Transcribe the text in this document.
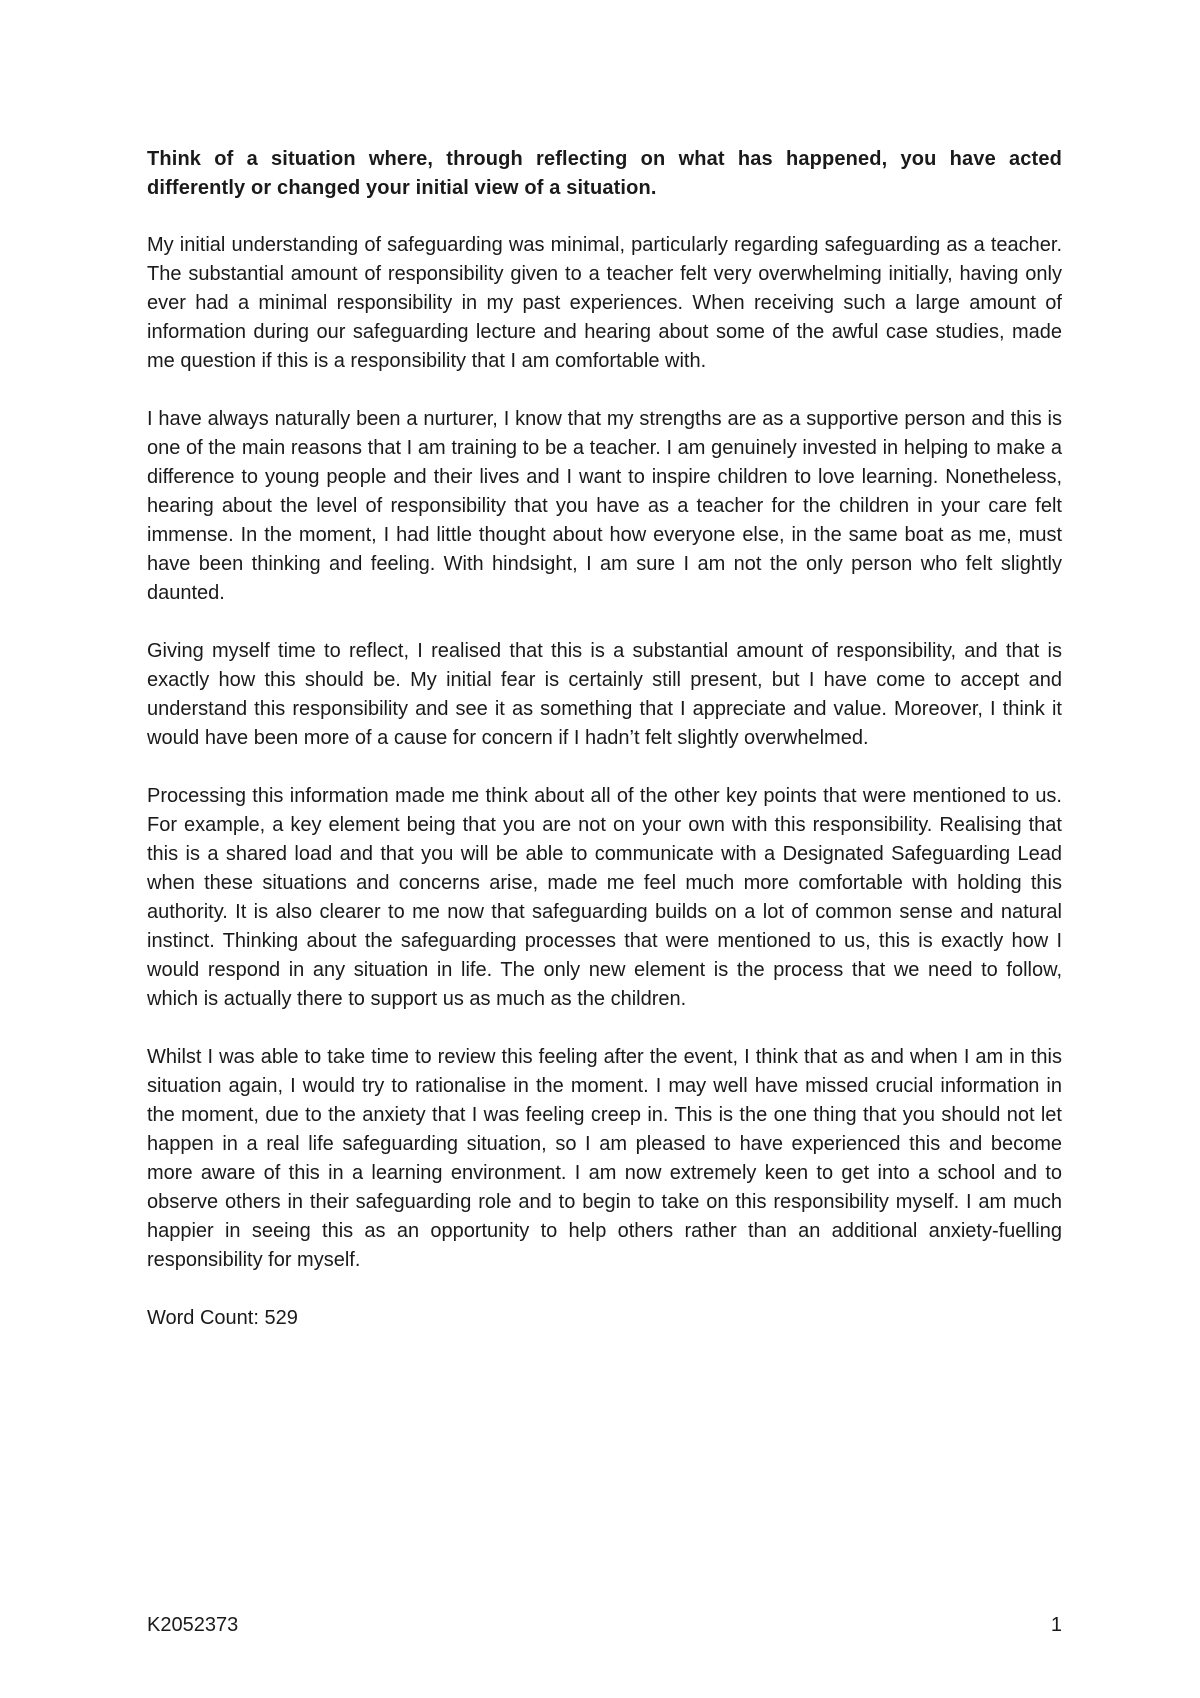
Think of a situation where, through reflecting on what has happened, you have acted differently or changed your initial view of a situation.

My initial understanding of safeguarding was minimal, particularly regarding safeguarding as a teacher. The substantial amount of responsibility given to a teacher felt very overwhelming initially, having only ever had a minimal responsibility in my past experiences. When receiving such a large amount of information during our safeguarding lecture and hearing about some of the awful case studies, made me question if this is a responsibility that I am comfortable with.

I have always naturally been a nurturer, I know that my strengths are as a supportive person and this is one of the main reasons that I am training to be a teacher. I am genuinely invested in helping to make a difference to young people and their lives and I want to inspire children to love learning. Nonetheless, hearing about the level of responsibility that you have as a teacher for the children in your care felt immense. In the moment, I had little thought about how everyone else, in the same boat as me, must have been thinking and feeling. With hindsight, I am sure I am not the only person who felt slightly daunted.

Giving myself time to reflect, I realised that this is a substantial amount of responsibility, and that is exactly how this should be. My initial fear is certainly still present, but I have come to accept and understand this responsibility and see it as something that I appreciate and value. Moreover, I think it would have been more of a cause for concern if I hadn’t felt slightly overwhelmed.

Processing this information made me think about all of the other key points that were mentioned to us. For example, a key element being that you are not on your own with this responsibility. Realising that this is a shared load and that you will be able to communicate with a Designated Safeguarding Lead when these situations and concerns arise, made me feel much more comfortable with holding this authority. It is also clearer to me now that safeguarding builds on a lot of common sense and natural instinct. Thinking about the safeguarding processes that were mentioned to us, this is exactly how I would respond in any situation in life. The only new element is the process that we need to follow, which is actually there to support us as much as the children.

Whilst I was able to take time to review this feeling after the event, I think that as and when I am in this situation again, I would try to rationalise in the moment. I may well have missed crucial information in the moment, due to the anxiety that I was feeling creep in. This is the one thing that you should not let happen in a real life safeguarding situation, so I am pleased to have experienced this and become more aware of this in a learning environment. I am now extremely keen to get into a school and to observe others in their safeguarding role and to begin to take on this responsibility myself. I am much happier in seeing this as an opportunity to help others rather than an additional anxiety-fuelling responsibility for myself.

Word Count: 529

K2052373	1
